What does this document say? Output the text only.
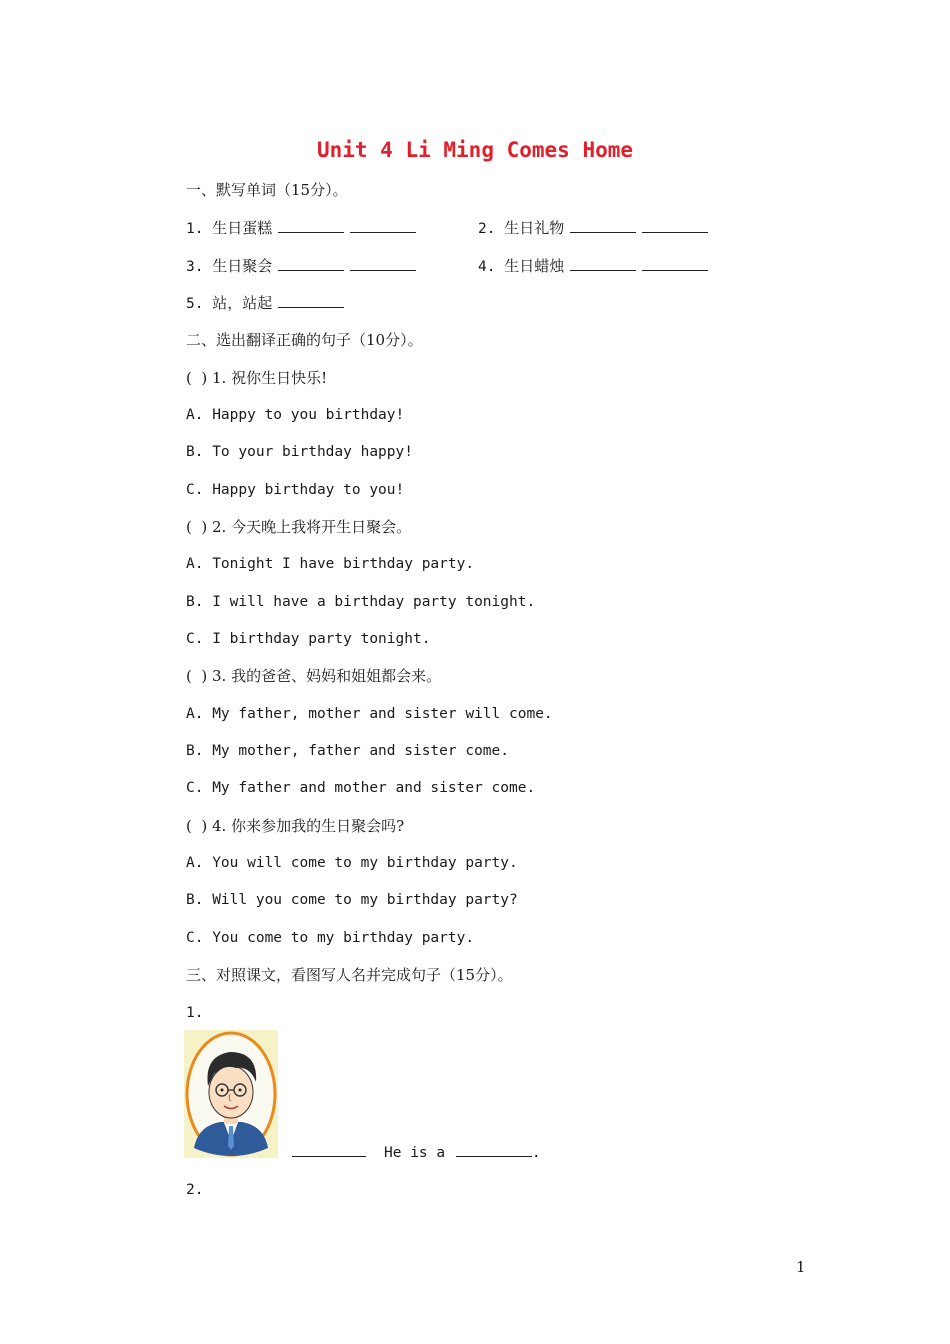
Unit 4 Li Ming Comes Home
一、默写单词（15分）。
1. 生日蛋糕	2. 生日礼物
3. 生日聚会	4. 生日蜡烛
5. 站，站起
二、选出翻译正确的句子（10分）。
(  ) 1. 祝你生日快乐!
A. Happy to you birthday!
B. To your birthday happy!
C. Happy birthday to you!
(  ) 2. 今天晚上我将开生日聚会。
A. Tonight I have birthday party.
B. I will have a birthday party tonight.
C. I birthday party tonight.
(  ) 3. 我的爸爸、妈妈和姐姐都会来。
A. My father, mother and sister will come.
B. My mother, father and sister come.
C. My father and mother and sister come.
(  ) 4. 你来参加我的生日聚会吗?
A. You will come to my birthday party.
B. Will you come to my birthday party?
C. You come to my birthday party.
三、对照课文，看图写人名并完成句子（15分）。
1.
He is a	.
2.
1
